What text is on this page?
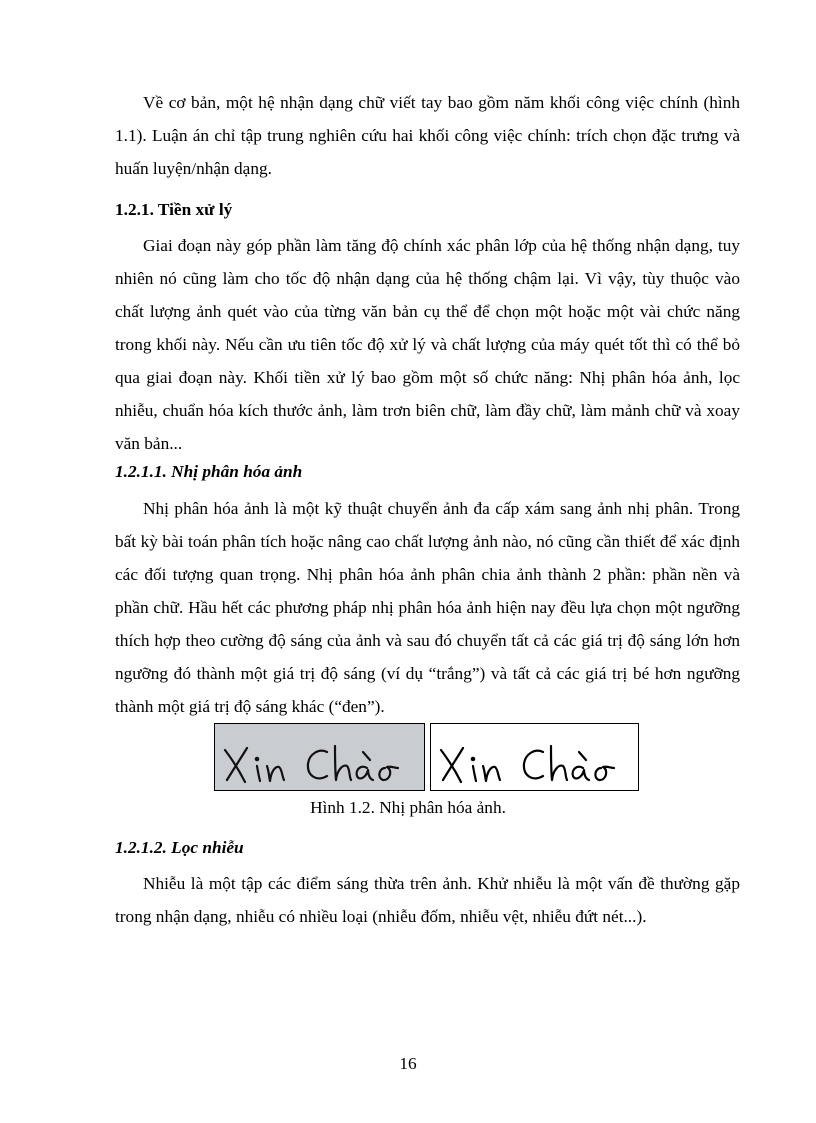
Về cơ bản, một hệ nhận dạng chữ viết tay bao gồm năm khối công việc chính (hình 1.1). Luận án chỉ tập trung nghiên cứu hai khối công việc chính: trích chọn đặc trưng và huấn luyện/nhận dạng.

1.2.1. Tiền xử lý

Giai đoạn này góp phần làm tăng độ chính xác phân lớp của hệ thống nhận dạng, tuy nhiên nó cũng làm cho tốc độ nhận dạng của hệ thống chậm lại. Vì vậy, tùy thuộc vào chất lượng ảnh quét vào của từng văn bản cụ thể để chọn một hoặc một vài chức năng trong khối này. Nếu cần ưu tiên tốc độ xử lý và chất lượng của máy quét tốt thì có thể bỏ qua giai đoạn này. Khối tiền xử lý bao gồm một số chức năng: Nhị phân hóa ảnh, lọc nhiễu, chuẩn hóa kích thước ảnh, làm trơn biên chữ, làm đầy chữ, làm mảnh chữ và xoay văn bản...

1.2.1.1. Nhị phân hóa ảnh

Nhị phân hóa ảnh là một kỹ thuật chuyển ảnh đa cấp xám sang ảnh nhị phân. Trong bất kỳ bài toán phân tích hoặc nâng cao chất lượng ảnh nào, nó cũng cần thiết để xác định các đối tượng quan trọng. Nhị phân hóa ảnh phân chia ảnh thành 2 phần: phần nền và phần chữ. Hầu hết các phương pháp nhị phân hóa ảnh hiện nay đều lựa chọn một ngưỡng thích hợp theo cường độ sáng của ảnh và sau đó chuyển tất cả các giá trị độ sáng lớn hơn ngưỡng đó thành một giá trị độ sáng (ví dụ “trắng”) và tất cả các giá trị bé hơn ngưỡng thành một giá trị độ sáng khác (“đen”).

Hình 1.2. Nhị phân hóa ảnh.

1.2.1.2. Lọc nhiễu

Nhiễu là một tập các điểm sáng thừa trên ảnh. Khử nhiễu là một vấn đề thường gặp trong nhận dạng, nhiễu có nhiều loại (nhiễu đốm, nhiễu vệt, nhiễu đứt nét...).

16
